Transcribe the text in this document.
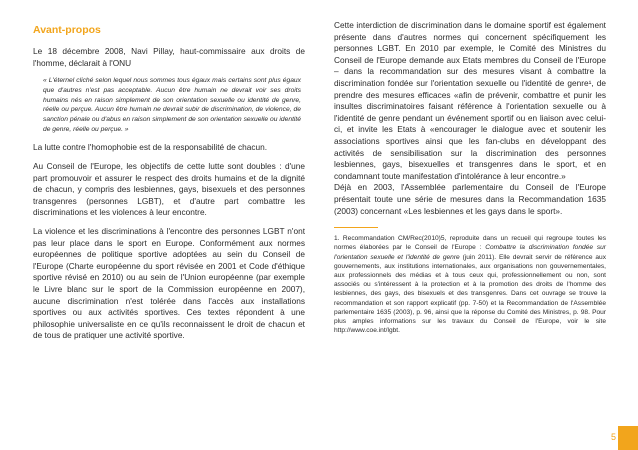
Avant-propos

Le 18 décembre 2008, Navi Pillay, haut-commissaire aux droits de l'homme, déclarait à l'ONU

« L'éternel cliché selon lequel nous sommes tous égaux mais certains sont plus égaux que d'autres n'est pas acceptable. Aucun être humain ne devrait voir ses droits humains nés en raison simplement de son orientation sexuelle ou identité de genre, réelle ou perçue. Aucun être humain ne devrait subir de discrimination, de violence, de sanction pénale ou d'abus en raison simplement de son orientation sexuelle ou identité de genre, réelle ou perçue. »

La lutte contre l'homophobie est de la responsabilité de chacun.

Au Conseil de l'Europe, les objectifs de cette lutte sont doubles : d'une part promouvoir et assurer le respect des droits humains et de la dignité de chacun, y compris des lesbiennes, gays, bisexuels et des personnes transgenres (personnes LGBT), et d'autre part combattre les discriminations et les violences à leur encontre.

La violence et les discriminations à l'encontre des personnes LGBT n'ont pas leur place dans le sport en Europe. Conformément aux normes européennes de politique sportive adoptées au sein du Conseil de l'Europe (Charte européenne du sport révisée en 2001 et Code d'éthique sportive révisé en 2010) ou au sein de l'Union européenne (par exemple le Livre blanc sur le sport de la Commission européenne en 2007), aucune discrimination n'est tolérée dans l'accès aux installations sportives ou aux activités sportives. Ces textes répondent à une philosophie universaliste en ce qu'ils reconnaissent le droit de chacun et de tous de pratiquer une activité sportive.

Cette interdiction de discrimination dans le domaine sportif est également présente dans d'autres normes qui concernent spécifiquement les personnes LGBT. En 2010 par exemple, le Comité des Ministres du Conseil de l'Europe demande aux Etats membres du Conseil de l'Europe – dans la recommandation sur des mesures visant à combattre la discrimination fondée sur l'orientation sexuelle ou l'identité de genre¹, de prendre des mesures efficaces «afin de prévenir, combattre et punir les insultes discriminatoires faisant référence à l'orientation sexuelle ou à l'identité de genre pendant un événement sportif ou en liaison avec celui-ci, et invite les Etats à «encourager le dialogue avec et soutenir les associations sportives ainsi que les fan-clubs en développant des activités de sensibilisation sur la discrimination des personnes lesbiennes, gays, bisexuelles et transgenres dans le sport, et en condamnant toute manifestation d'intolérance à leur encontre.»

Déjà en 2003, l'Assemblée parlementaire du Conseil de l'Europe présentait toute une série de mesures dans la Recommandation 1635 (2003) concernant «Les lesbiennes et les gays dans le sport».

1. Recommandation CM/Rec(2010)5, reproduite dans un recueil qui regroupe toutes les normes élaborées par le Conseil de l'Europe : Combattre la discrimination fondée sur l'orientation sexuelle et l'identité de genre (juin 2011). Elle devrait servir de référence aux gouvernements, aux institutions internationales, aux organisations non gouvernementales, aux professionnels des médias et à tous ceux qui, professionnellement ou non, sont associés ou s'intéressent à la protection et à la promotion des droits de l'homme des lesbiennes, des gays, des bisexuels et des transgenres. Dans cet ouvrage se trouve la recommandation et son rapport explicatif (pp. 7-50) et la Recommandation de l'Assemblée parlementaire 1635 (2003), p. 96, ainsi que la réponse du Comité des Ministres, p. 98. Pour plus amples informations sur les travaux du Conseil de l'Europe, voir le site http://www.coe.int/lgbt.

5
